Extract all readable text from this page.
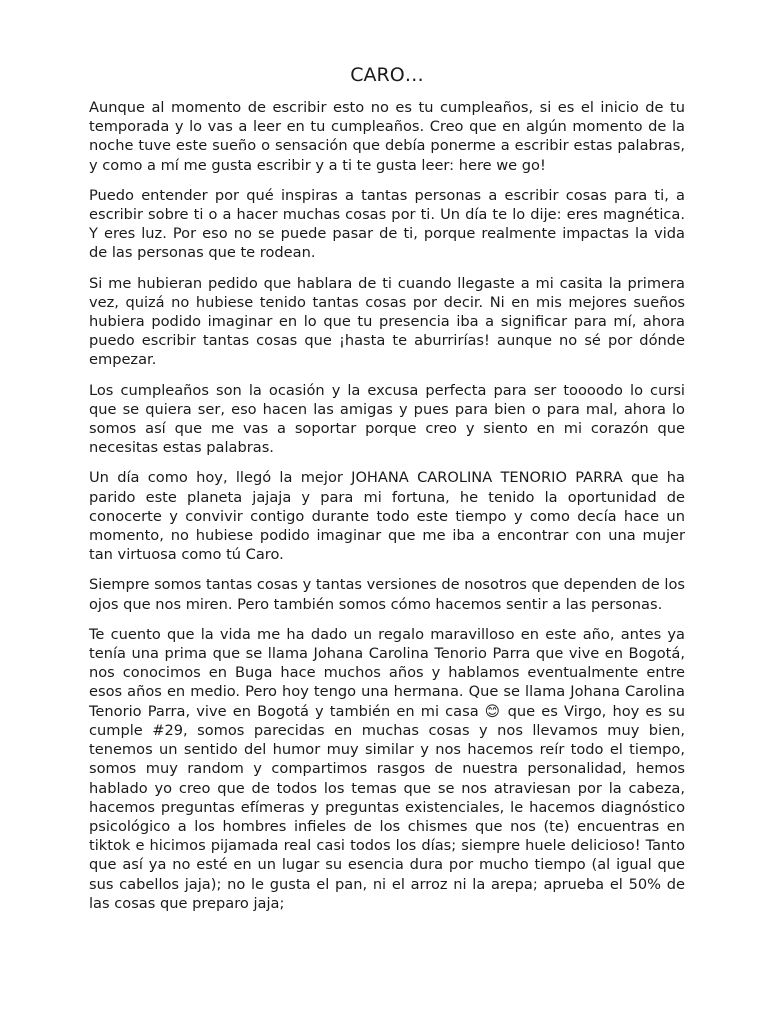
CARO…

Aunque al momento de escribir esto no es tu cumpleaños, si es el inicio de tu temporada y lo vas a leer en tu cumpleaños. Creo que en algún momento de la noche tuve este sueño o sensación que debía ponerme a escribir estas palabras, y como a mí me gusta escribir y a ti te gusta leer: here we go!

Puedo entender por qué inspiras a tantas personas a escribir cosas para ti, a escribir sobre ti o a hacer muchas cosas por ti. Un día te lo dije: eres magnética. Y eres luz. Por eso no se puede pasar de ti, porque realmente impactas la vida de las personas que te rodean.

Si me hubieran pedido que hablara de ti cuando llegaste a mi casita la primera vez, quizá no hubiese tenido tantas cosas por decir. Ni en mis mejores sueños hubiera podido imaginar en lo que tu presencia iba a significar para mí, ahora puedo escribir tantas cosas que ¡hasta te aburrirías! aunque no sé por dónde empezar.

Los cumpleaños son la ocasión y la excusa perfecta para ser toooodo lo cursi que se quiera ser, eso hacen las amigas y pues para bien o para mal, ahora lo somos así que me vas a soportar porque creo y siento en mi corazón que necesitas estas palabras.

Un día como hoy, llegó la mejor JOHANA CAROLINA TENORIO PARRA que ha parido este planeta jajaja y para mi fortuna, he tenido la oportunidad de conocerte y convivir contigo durante todo este tiempo y como decía hace un momento, no hubiese podido imaginar que me iba a encontrar con una mujer tan virtuosa como tú Caro.

Siempre somos tantas cosas y tantas versiones de nosotros que dependen de los ojos que nos miren. Pero también somos cómo hacemos sentir a las personas.

Te cuento que la vida me ha dado un regalo maravilloso en este año, antes ya tenía una prima que se llama Johana Carolina Tenorio Parra que vive en Bogotá, nos conocimos en Buga hace muchos años y hablamos eventualmente entre esos años en medio. Pero hoy tengo una hermana. Que se llama Johana Carolina Tenorio Parra, vive en Bogotá y también en mi casa 😊 que es Virgo, hoy es su cumple #29, somos parecidas en muchas cosas y nos llevamos muy bien, tenemos un sentido del humor muy similar y nos hacemos reír todo el tiempo, somos muy random y compartimos rasgos de nuestra personalidad, hemos hablado yo creo que de todos los temas que se nos atraviesan por la cabeza, hacemos preguntas efímeras y preguntas existenciales, le hacemos diagnóstico psicológico a los hombres infieles de los chismes que nos (te) encuentras en tiktok e hicimos pijamada real casi todos los días; siempre huele delicioso! Tanto que así ya no esté en un lugar su esencia dura por mucho tiempo (al igual que sus cabellos jaja); no le gusta el pan, ni el arroz ni la arepa; aprueba el 50% de las cosas que preparo jaja;
